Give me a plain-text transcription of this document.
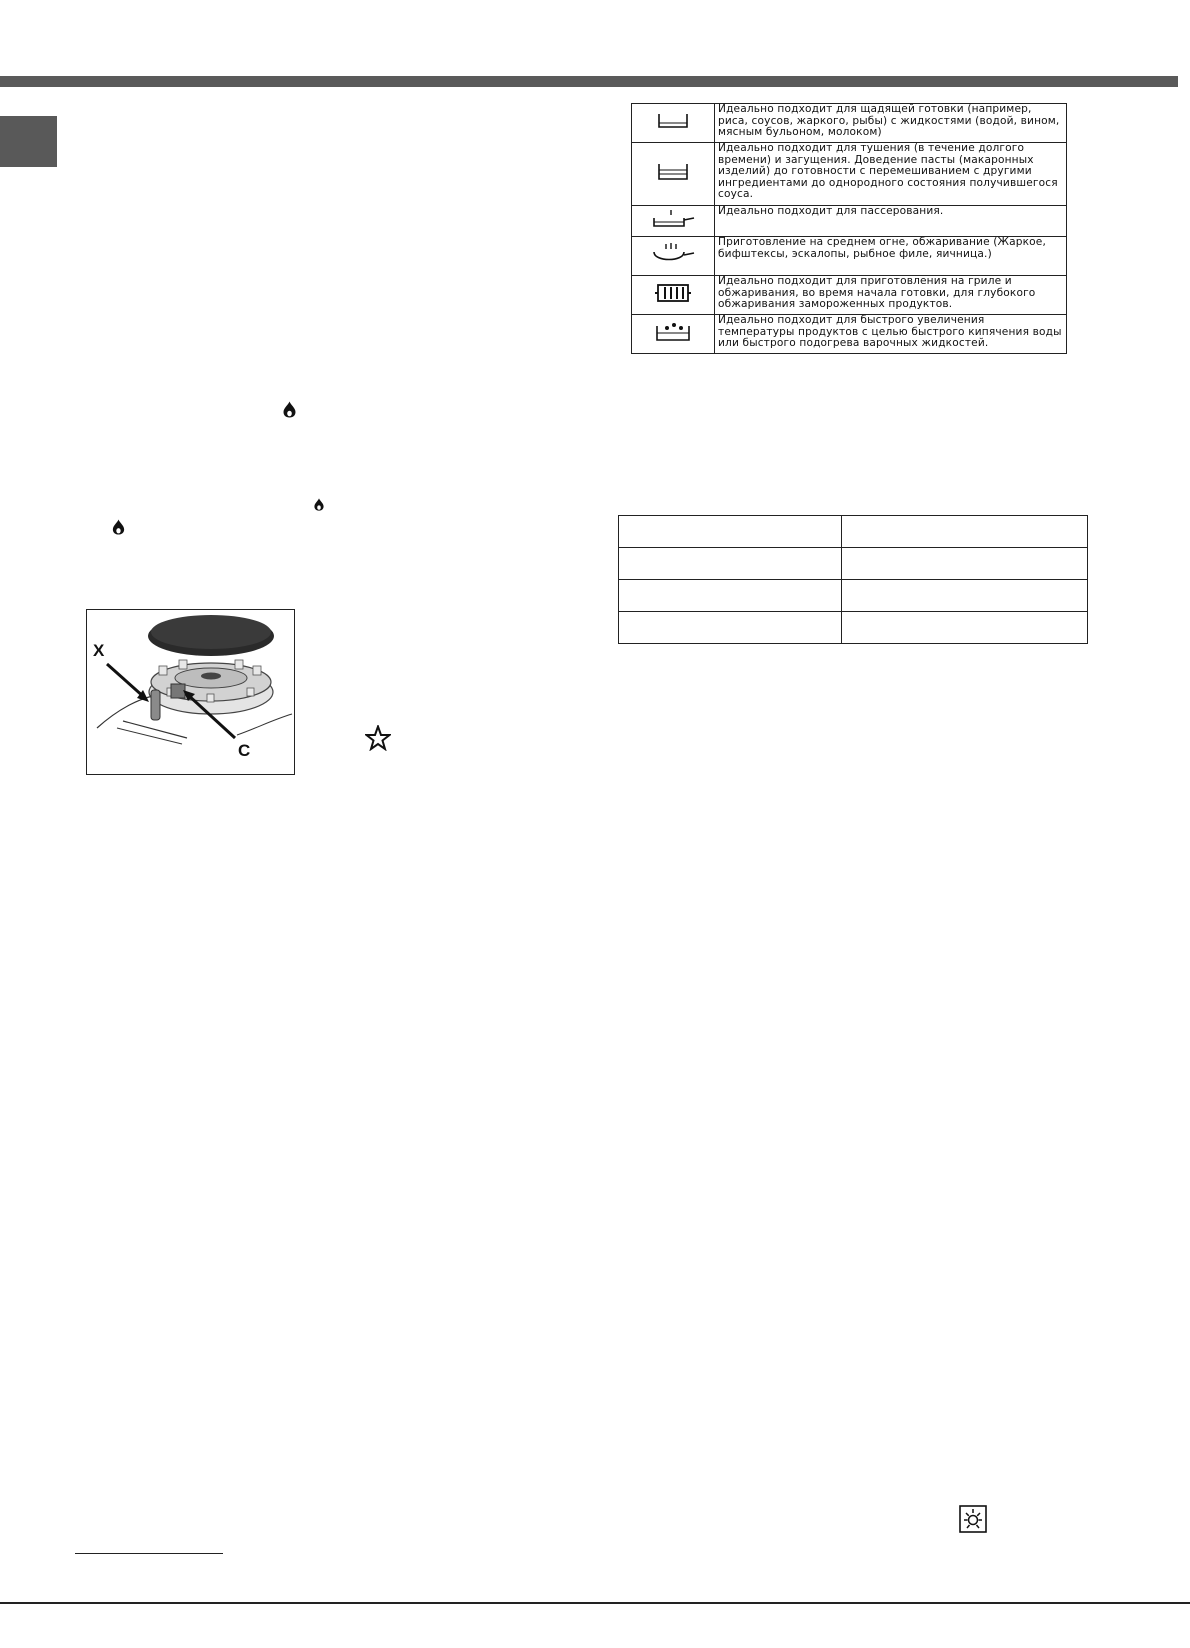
X
C
	Идеально подходит для щадящей готовки (например, риса, соусов, жаркого, рыбы) с жидкостями (водой, вином, мясным бульоном, молоком)
	Идеально подходит для тушения (в течение долгого времени) и загущения. Доведение пасты (макаронных изделий) до готовности с перемешиванием с другими ингредиентами до однородного состояния получившегося соуса.
	Идеально подходит для пассерования.
	Приготовление на среднем огне, обжаривание (Жаркое, бифштексы, эскалопы, рыбное филе, яичница.)
	Идеально подходит для приготовления на гриле и обжаривания, во время начала готовки, для глубокого обжаривания замороженных продуктов.
	Идеально подходит для быстрого увеличения температуры продуктов с целью быстрого кипячения воды или быстрого подогрева варочных жидкостей.
